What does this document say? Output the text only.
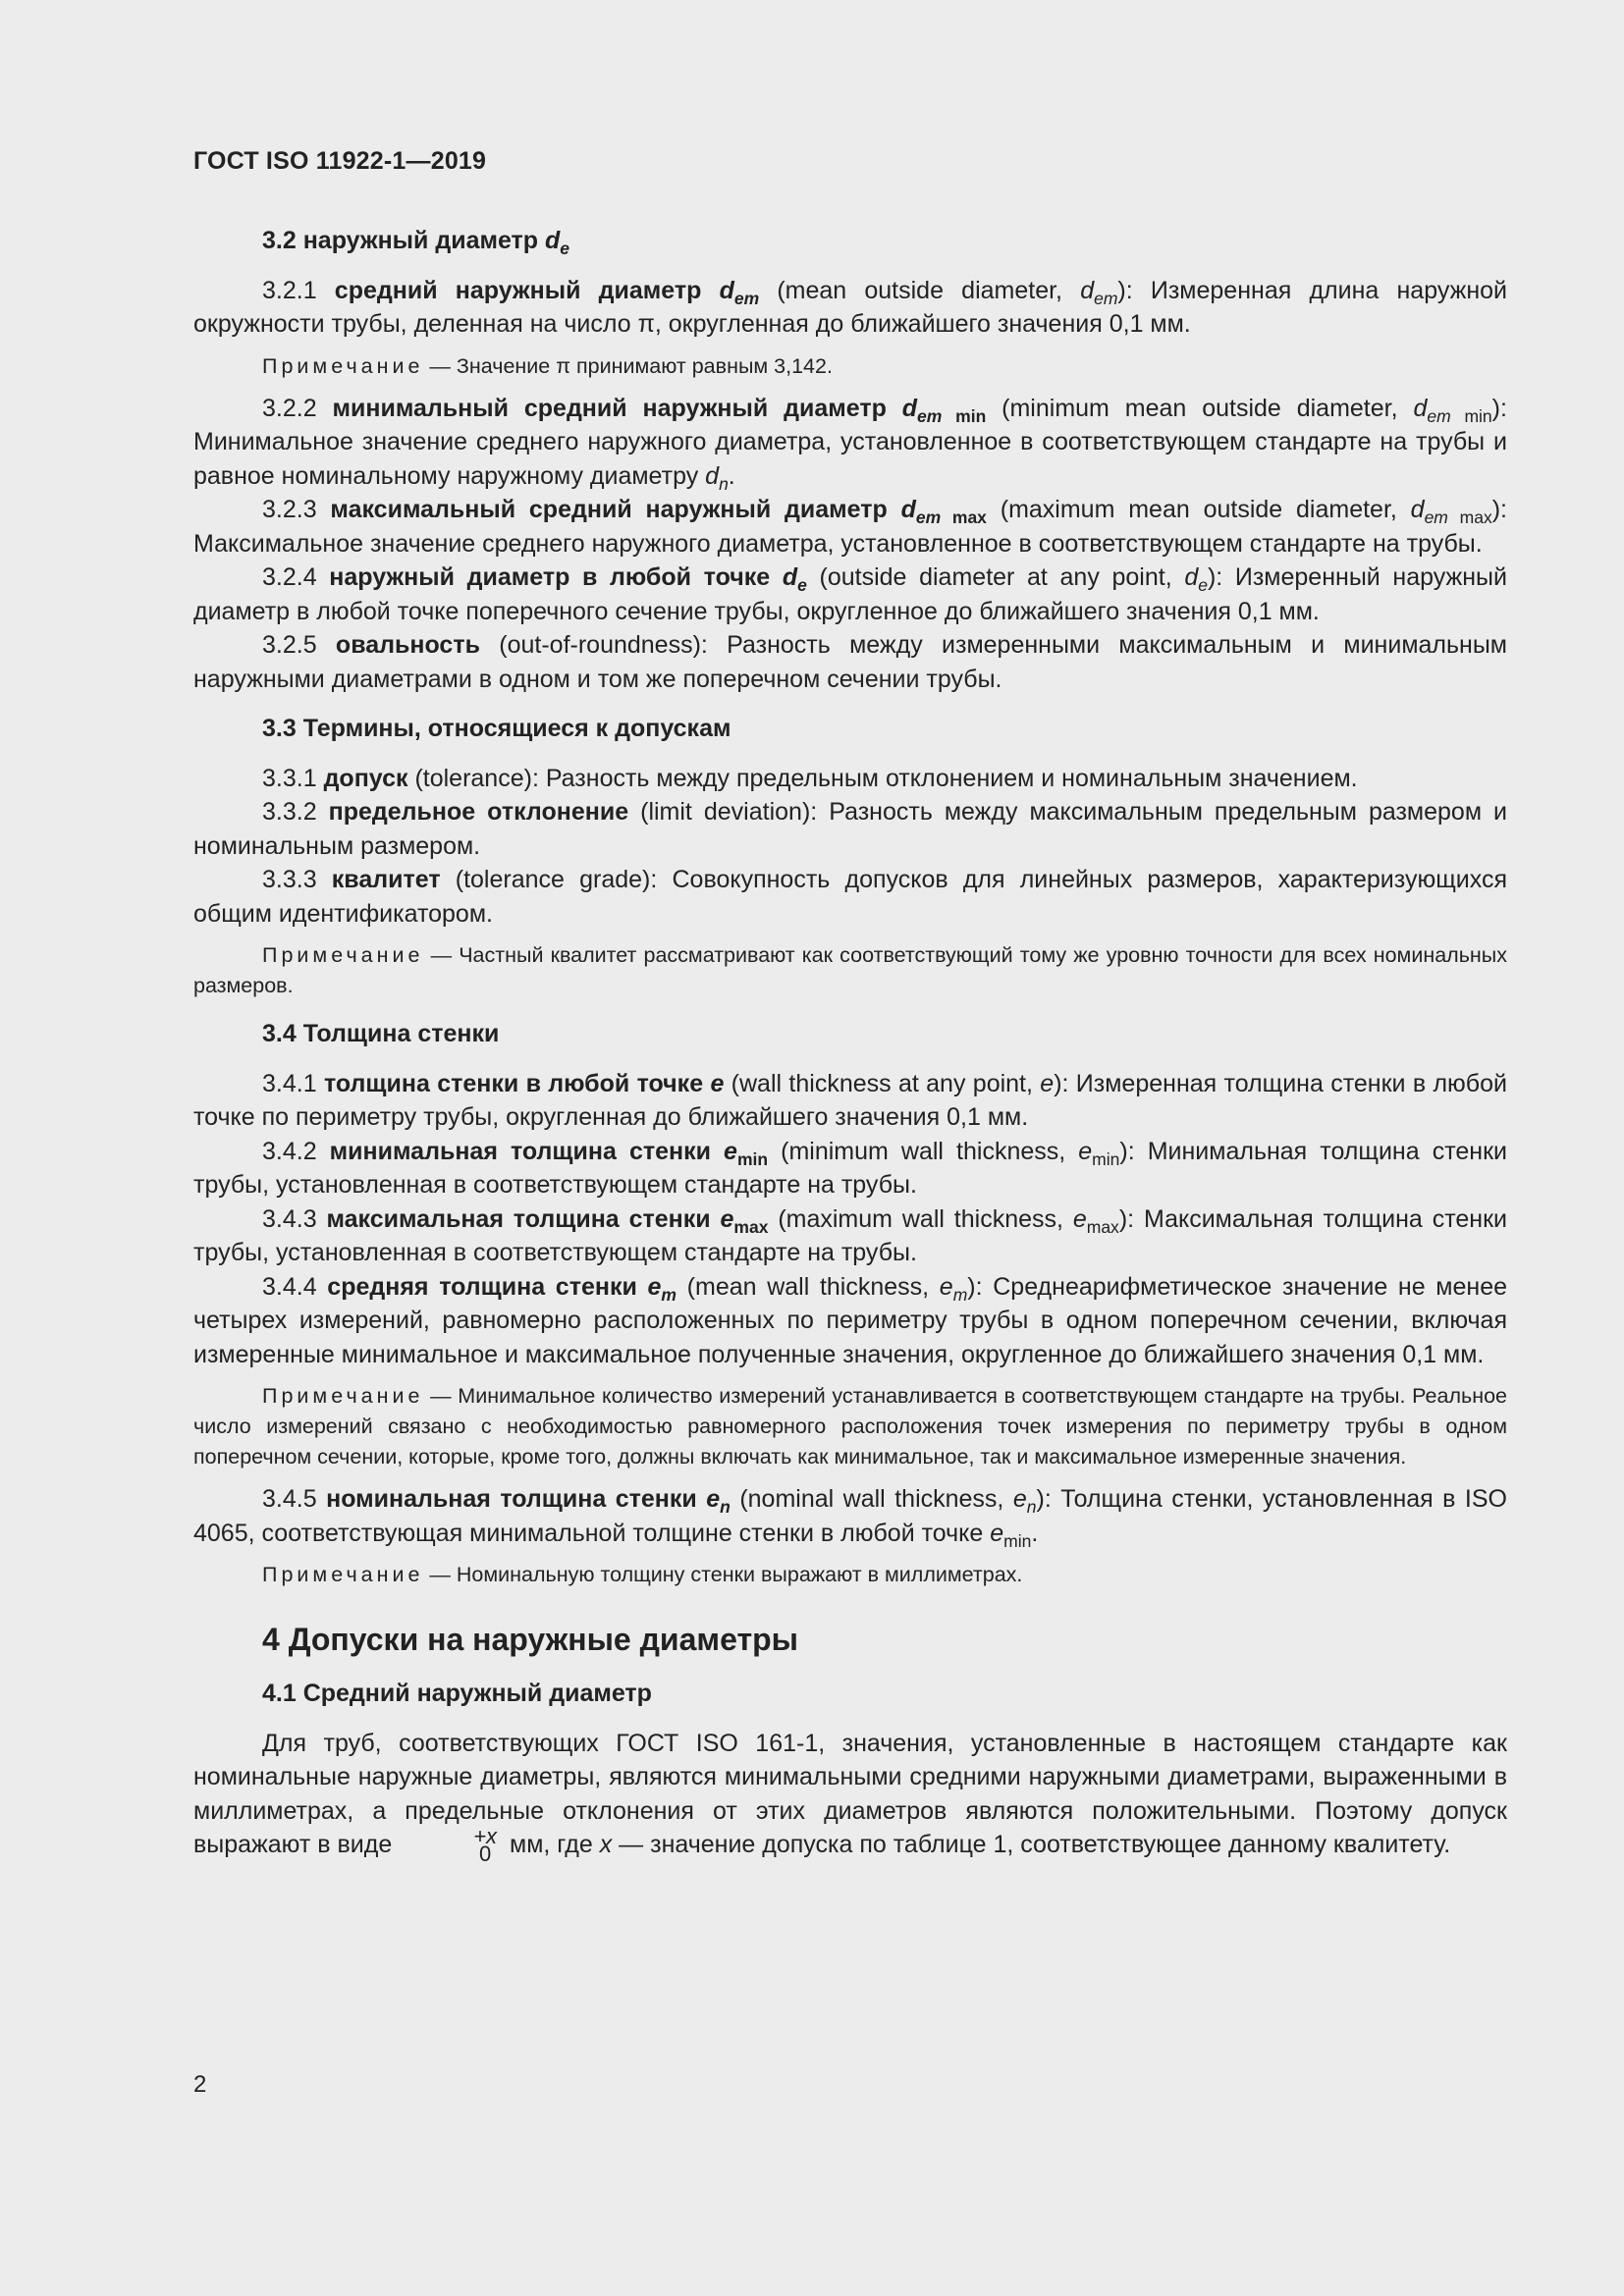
ГОСТ ISO 11922-1—2019

3.2 наружный диаметр $d_e$

3.2.1 средний наружный диаметр $d_{em}$ (mean outside diameter, $d_{em}$): Измеренная длина наружной окружности трубы, деленная на число π, округленная до ближайшего значения 0,1 мм.

Примечание — Значение π принимают равным 3,142.

3.2.2 минимальный средний наружный диаметр $d_{em min}$ (minimum mean outside diameter, $d_{em min}$): Минимальное значение среднего наружного диаметра, установленное в соответствующем стандарте на трубы и равное номинальному наружному диаметру $d_n$.

3.2.3 максимальный средний наружный диаметр $d_{em max}$ (maximum mean outside diameter, $d_{em max}$): Максимальное значение среднего наружного диаметра, установленное в соответствующем стандарте на трубы.

3.2.4 наружный диаметр в любой точке $d_e$ (outside diameter at any point, $d_e$): Измеренный наружный диаметр в любой точке поперечного сечение трубы, округленное до ближайшего значения 0,1 мм.

3.2.5 овальность (out-of-roundness): Разность между измеренными максимальным и минимальным наружными диаметрами в одном и том же поперечном сечении трубы.

3.3 Термины, относящиеся к допускам

3.3.1 допуск (tolerance): Разность между предельным отклонением и номинальным значением.

3.3.2 предельное отклонение (limit deviation): Разность между максимальным предельным размером и номинальным размером.

3.3.3 квалитет (tolerance grade): Совокупность допусков для линейных размеров, характеризующихся общим идентификатором.

Примечание — Частный квалитет рассматривают как соответствующий тому же уровню точности для всех номинальных размеров.

3.4 Толщина стенки

3.4.1 толщина стенки в любой точке e (wall thickness at any point, e): Измеренная толщина стенки в любой точке по периметру трубы, округленная до ближайшего значения 0,1 мм.

3.4.2 минимальная толщина стенки $e_{min}$ (minimum wall thickness, $e_{min}$): Минимальная толщина стенки трубы, установленная в соответствующем стандарте на трубы.

3.4.3 максимальная толщина стенки $e_{max}$ (maximum wall thickness, $e_{max}$): Максимальная толщина стенки трубы, установленная в соответствующем стандарте на трубы.

3.4.4 средняя толщина стенки $e_m$ (mean wall thickness, $e_m$): Среднеарифметическое значение не менее четырех измерений, равномерно расположенных по периметру трубы в одном поперечном сечении, включая измеренные минимальное и максимальное полученные значения, округленное до ближайшего значения 0,1 мм.

Примечание — Минимальное количество измерений устанавливается в соответствующем стандарте на трубы. Реальное число измерений связано с необходимостью равномерного расположения точек измерения по периметру трубы в одном поперечном сечении, которые, кроме того, должны включать как минимальное, так и максимальное измеренные значения.

3.4.5 номинальная толщина стенки $e_n$ (nominal wall thickness, $e_n$): Толщина стенки, установленная в ISO 4065, соответствующая минимальной толщине стенки в любой точке $e_{min}$.

Примечание — Номинальную толщину стенки выражают в миллиметрах.

4 Допуски на наружные диаметры

4.1 Средний наружный диаметр

Для труб, соответствующих ГОСТ ISO 161-1, значения, установленные в настоящем стандарте как номинальные наружные диаметры, являются минимальными средними наружными диаметрами, выраженными в миллиметрах, а предельные отклонения от этих диаметров являются положительными. Поэтому допуск выражают в виде	+x
0 мм, где x — значение допуска по таблице 1, соответствующее данному квалитету.

2
